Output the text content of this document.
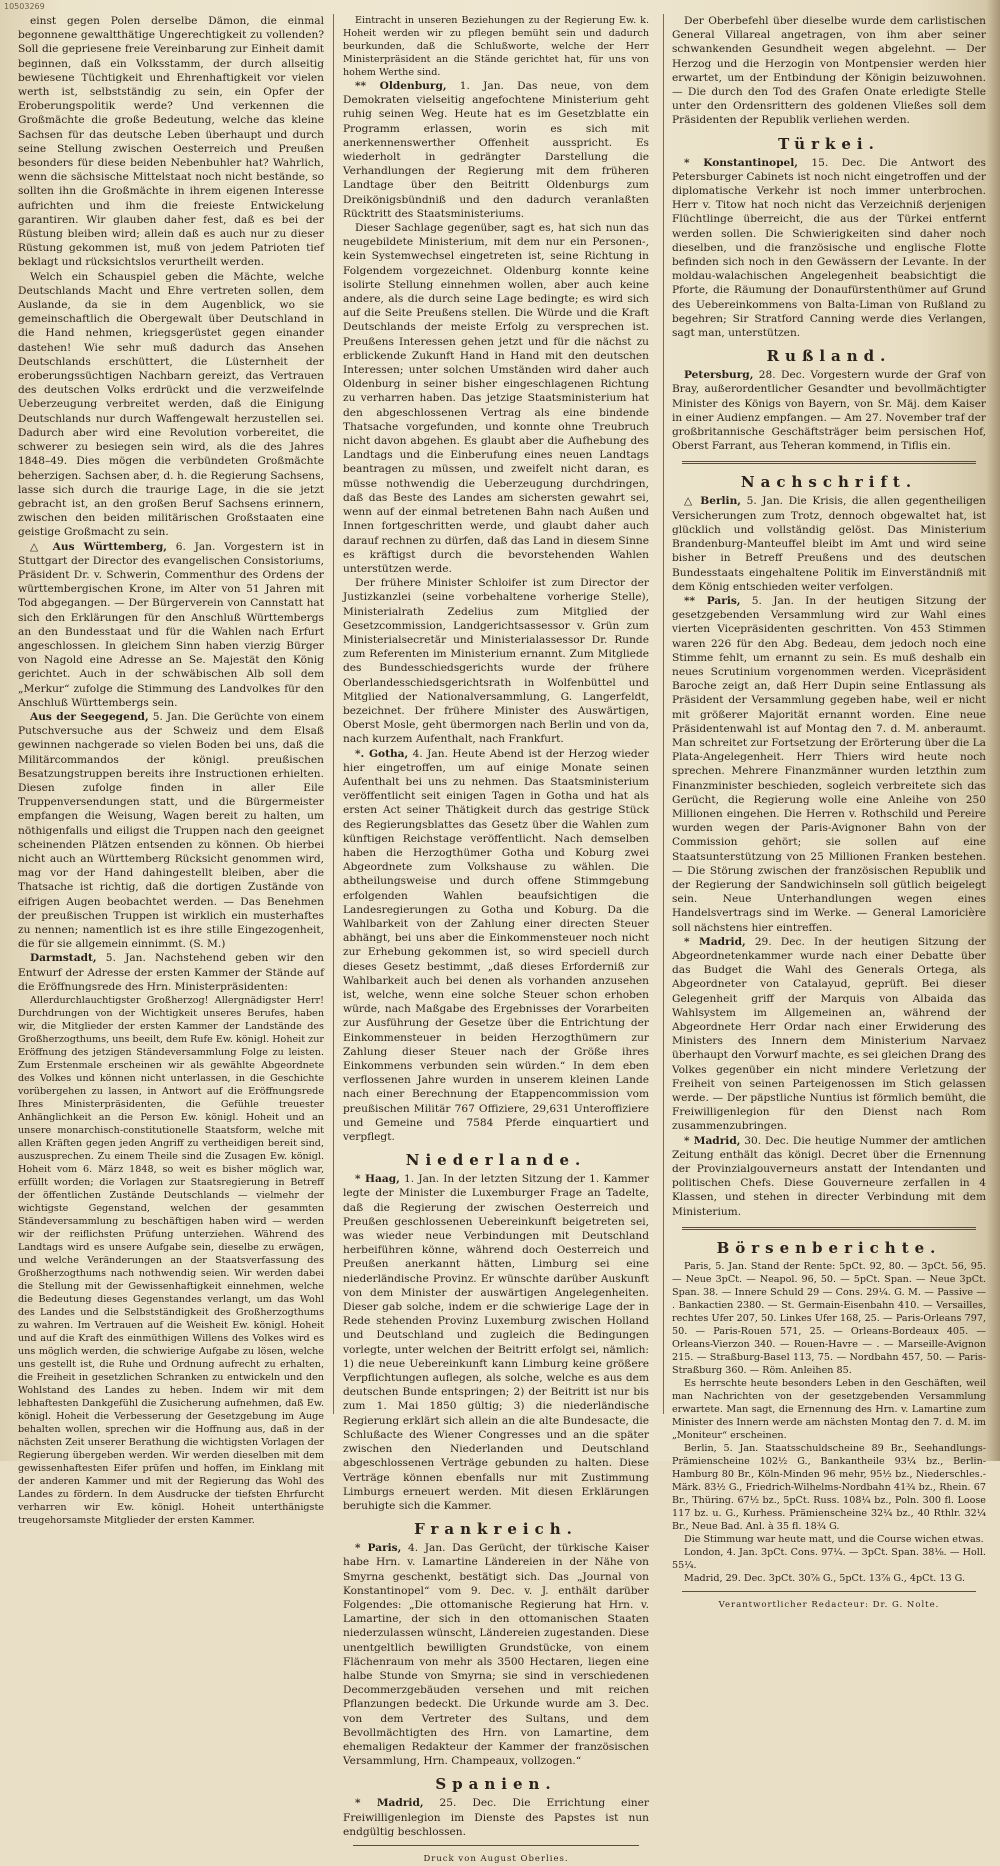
10503269

einst gegen Polen derselbe Dämon, die einmal begonnene gewaltthätige Ungerechtigkeit zu vollenden? Soll die gepriesene freie Vereinbarung zur Einheit damit beginnen, daß ein Volksstamm, der durch allseitig bewiesene Tüchtigkeit und Ehrenhaftigkeit vor vielen werth ist, selbstständig zu sein, ein Opfer der Eroberungspolitik werde? Und verkennen die Großmächte die große Bedeutung, welche das kleine Sachsen für das deutsche Leben überhaupt und durch seine Stellung zwischen Oesterreich und Preußen besonders für diese beiden Nebenbuhler hat? Wahrlich, wenn die sächsische Mittelstaat noch nicht bestände, so sollten ihn die Großmächte in ihrem eigenen Interesse aufrichten und ihm die freieste Entwickelung garantiren. Wir glauben daher fest, daß es bei der Rüstung bleiben wird; allein daß es auch nur zu dieser Rüstung gekommen ist, muß von jedem Patrioten tief beklagt und rücksichtslos verurtheilt werden.

Welch ein Schauspiel geben die Mächte, welche Deutschlands Macht und Ehre vertreten sollen, dem Auslande, da sie in dem Augenblick, wo sie gemeinschaftlich die Obergewalt über Deutschland in die Hand nehmen, kriegsgerüstet gegen einander dastehen! Wie sehr muß dadurch das Ansehen Deutschlands erschüttert, die Lüsternheit der eroberungssüchtigen Nachbarn gereizt, das Vertrauen des deutschen Volks erdrückt und die verzweifelnde Ueberzeugung verbreitet werden, daß die Einigung Deutschlands nur durch Waffengewalt herzustellen sei. Dadurch aber wird eine Revolution vorbereitet, die schwerer zu besiegen sein wird, als die des Jahres 1848–49. Dies mögen die verbündeten Großmächte beherzigen. Sachsen aber, d. h. die Regierung Sachsens, lasse sich durch die traurige Lage, in die sie jetzt gebracht ist, an den großen Beruf Sachsens erinnern, zwischen den beiden militärischen Großstaaten eine geistige Großmacht zu sein.

△ Aus Württemberg, 6. Jan. Vorgestern ist in Stuttgart der Director des evangelischen Consistoriums, Präsident Dr. v. Schwerin, Commenthur des Ordens der württembergischen Krone, im Alter von 51 Jahren mit Tod abgegangen. — Der Bürgerverein von Cannstatt hat sich den Erklärungen für den Anschluß Württembergs an den Bundesstaat und für die Wahlen nach Erfurt angeschlossen. In gleichem Sinn haben vierzig Bürger von Nagold eine Adresse an Se. Majestät den König gerichtet. Auch in der schwäbischen Alb soll dem „Merkur“ zufolge die Stimmung des Landvolkes für den Anschluß Württembergs sein.

Aus der Seegegend, 5. Jan. Die Gerüchte von einem Putschversuche aus der Schweiz und dem Elsaß gewinnen nachgerade so vielen Boden bei uns, daß die Militärcommandos der königl. preußischen Besatzungstruppen bereits ihre Instructionen erhielten. Diesen zufolge finden in aller Eile Truppenversendungen statt, und die Bürgermeister empfangen die Weisung, Wagen bereit zu halten, um nöthigenfalls und eiligst die Truppen nach den geeignet scheinenden Plätzen entsenden zu können. Ob hierbei nicht auch an Württemberg Rücksicht genommen wird, mag vor der Hand dahingestellt bleiben, aber die Thatsache ist richtig, daß die dortigen Zustände von eifrigen Augen beobachtet werden. — Das Benehmen der preußischen Truppen ist wirklich ein musterhaftes zu nennen; namentlich ist es ihre stille Eingezogenheit, die für sie allgemein einnimmt. (S. M.)

Darmstadt, 5. Jan. Nachstehend geben wir den Entwurf der Adresse der ersten Kammer der Stände auf die Eröffnungsrede des Hrn. Ministerpräsidenten:

Allerdurchlauchtigster Großherzog! Allergnädigster Herr! Durchdrungen von der Wichtigkeit unseres Berufes, haben wir, die Mitglieder der ersten Kammer der Landstände des Großherzogthums, uns beeilt, dem Rufe Ew. königl. Hoheit zur Eröffnung des jetzigen Ständeversammlung Folge zu leisten. Zum Erstenmale erscheinen wir als gewählte Abgeordnete des Volkes und können nicht unterlassen, in die Geschichte vorübergehen zu lassen, in Antwort auf die Eröffnungsrede Ihres Ministerpräsidenten, die Gefühle treuester Anhänglichkeit an die Person Ew. königl. Hoheit und an unsere monarchisch-constitutionelle Staatsform, welche mit allen Kräften gegen jeden Angriff zu vertheidigen bereit sind, auszusprechen. Zu einem Theile sind die Zusagen Ew. königl. Hoheit vom 6. März 1848, so weit es bisher möglich war, erfüllt worden; die Vorlagen zur Staatsregierung in Betreff der öffentlichen Zustände Deutschlands — vielmehr der wichtigste Gegenstand, welchen der gesammten Ständeversammlung zu beschäftigen haben wird — werden wir der reiflichsten Prüfung unterziehen. Während des Landtags wird es unsere Aufgabe sein, dieselbe zu erwägen, und welche Veränderungen an der Staatsverfassung des Großherzogthums nach nothwendig seien. Wir werden dabei die Stellung mit der Gewissenhaftigkeit einnehmen, welche die Bedeutung dieses Gegenstandes verlangt, um das Wohl des Landes und die Selbstständigkeit des Großherzogthums zu wahren. Im Vertrauen auf die Weisheit Ew. königl. Hoheit und auf die Kraft des einmüthigen Willens des Volkes wird es uns möglich werden, die schwierige Aufgabe zu lösen, welche uns gestellt ist, die Ruhe und Ordnung aufrecht zu erhalten, die Freiheit in gesetzlichen Schranken zu entwickeln und den Wohlstand des Landes zu heben. Indem wir mit dem lebhaftesten Dankgefühl die Zusicherung aufnehmen, daß Ew. königl. Hoheit die Verbesserung der Gesetzgebung im Auge behalten wollen, sprechen wir die Hoffnung aus, daß in der nächsten Zeit unserer Berathung die wichtigsten Vorlagen der Regierung übergeben werden. Wir werden dieselben mit dem gewissenhaftesten Eifer prüfen und hoffen, im Einklang mit der anderen Kammer und mit der Regierung das Wohl des Landes zu fördern. In dem Ausdrucke der tiefsten Ehrfurcht verharren wir Ew. königl. Hoheit unterthänigste treugehorsamste Mitglieder der ersten Kammer.

Eintracht in unseren Beziehungen zu der Regierung Ew. k. Hoheit werden wir zu pflegen bemüht sein und dadurch beurkunden, daß die Schlußworte, welche der Herr Ministerpräsident an die Stände gerichtet hat, für uns von hohem Werthe sind.

** Oldenburg, 1. Jan. Das neue, von dem Demokraten vielseitig angefochtene Ministerium geht ruhig seinen Weg. Heute hat es im Gesetzblatte ein Programm erlassen, worin es sich mit anerkennenswerther Offenheit ausspricht. Es wiederholt in gedrängter Darstellung die Verhandlungen der Regierung mit dem früheren Landtage über den Beitritt Oldenburgs zum Dreikönigsbündniß und den dadurch veranlaßten Rücktritt des Staatsministeriums.

Dieser Sachlage gegenüber, sagt es, hat sich nun das neugebildete Ministerium, mit dem nur ein Personen-, kein Systemwechsel eingetreten ist, seine Richtung in Folgendem vorgezeichnet. Oldenburg konnte keine isolirte Stellung einnehmen wollen, aber auch keine andere, als die durch seine Lage bedingte; es wird sich auf die Seite Preußens stellen. Die Würde und die Kraft Deutschlands der meiste Erfolg zu versprechen ist. Preußens Interessen gehen jetzt und für die nächst zu erblickende Zukunft Hand in Hand mit den deutschen Interessen; unter solchen Umständen wird daher auch Oldenburg in seiner bisher eingeschlagenen Richtung zu verharren haben. Das jetzige Staatsministerium hat den abgeschlossenen Vertrag als eine bindende Thatsache vorgefunden, und konnte ohne Treubruch nicht davon abgehen. Es glaubt aber die Aufhebung des Landtags und die Einberufung eines neuen Landtags beantragen zu müssen, und zweifelt nicht daran, es müsse nothwendig die Ueberzeugung durchdringen, daß das Beste des Landes am sichersten gewahrt sei, wenn auf der einmal betretenen Bahn nach Außen und Innen fortgeschritten werde, und glaubt daher auch darauf rechnen zu dürfen, daß das Land in diesem Sinne es kräftigst durch die bevorstehenden Wahlen unterstützen werde.

Der frühere Minister Schloifer ist zum Director der Justizkanzlei (seine vorbehaltene vorherige Stelle), Ministerialrath Zedelius zum Mitglied der Gesetzcommission, Landgerichtsassessor v. Grün zum Ministerialsecretär und Ministerialassessor Dr. Runde zum Referenten im Ministerium ernannt. Zum Mitgliede des Bundesschiedsgerichts wurde der frühere Oberlandesschiedsgerichtsrath in Wolfenbüttel und Mitglied der Nationalversammlung, G. Langerfeldt, bezeichnet. Der frühere Minister des Auswärtigen, Oberst Mosle, geht übermorgen nach Berlin und von da, nach kurzem Aufenthalt, nach Frankfurt.

*. Gotha, 4. Jan. Heute Abend ist der Herzog wieder hier eingetroffen, um auf einige Monate seinen Aufenthalt bei uns zu nehmen. Das Staatsministerium veröffentlicht seit einigen Tagen in Gotha und hat als ersten Act seiner Thätigkeit durch das gestrige Stück des Regierungsblattes das Gesetz über die Wahlen zum künftigen Reichstage veröffentlicht. Nach demselben haben die Herzogthümer Gotha und Koburg zwei Abgeordnete zum Volkshause zu wählen. Die abtheilungsweise und durch offene Stimmgebung erfolgenden Wahlen beaufsichtigen die Landesregierungen zu Gotha und Koburg. Da die Wahlbarkeit von der Zahlung einer directen Steuer abhängt, bei uns aber die Einkommensteuer noch nicht zur Erhebung gekommen ist, so wird speciell durch dieses Gesetz bestimmt, „daß dieses Erforderniß zur Wahlbarkeit auch bei denen als vorhanden anzusehen ist, welche, wenn eine solche Steuer schon erhoben würde, nach Maßgabe des Ergebnisses der Vorarbeiten zur Ausführung der Gesetze über die Entrichtung der Einkommensteuer in beiden Herzogthümern zur Zahlung dieser Steuer nach der Größe ihres Einkommens verbunden sein würden.“ In dem eben verflossenen Jahre wurden in unserem kleinen Lande nach einer Berechnung der Etappencommission vom preußischen Militär 767 Offiziere, 29,631 Unteroffiziere und Gemeine und 7584 Pferde einquartiert und verpflegt.

Niederlande.

* Haag, 1. Jan. In der letzten Sitzung der 1. Kammer legte der Minister die Luxemburger Frage an Tadelte, daß die Regierung der zwischen Oesterreich und Preußen geschlossenen Uebereinkunft beigetreten sei, was wieder neue Verbindungen mit Deutschland herbeiführen könne, während doch Oesterreich und Preußen anerkannt hätten, Limburg sei eine niederländische Provinz. Er wünschte darüber Auskunft von dem Minister der auswärtigen Angelegenheiten. Dieser gab solche, indem er die schwierige Lage der in Rede stehenden Provinz Luxemburg zwischen Holland und Deutschland und zugleich die Bedingungen vorlegte, unter welchen der Beitritt erfolgt sei, nämlich: 1) die neue Uebereinkunft kann Limburg keine größere Verpflichtungen auflegen, als solche, welche es aus dem deutschen Bunde entspringen; 2) der Beitritt ist nur bis zum 1. Mai 1850 gültig; 3) die niederländische Regierung erklärt sich allein an die alte Bundesacte, die Schlußacte des Wiener Congresses und an die später zwischen den Niederlanden und Deutschland abgeschlossenen Verträge gebunden zu halten. Diese Verträge können ebenfalls nur mit Zustimmung Limburgs erneuert werden. Mit diesen Erklärungen beruhigte sich die Kammer.

Frankreich.

* Paris, 4. Jan. Das Gerücht, der türkische Kaiser habe Hrn. v. Lamartine Ländereien in der Nähe von Smyrna geschenkt, bestätigt sich. Das „Journal von Konstantinopel“ vom 9. Dec. v. J. enthält darüber Folgendes: „Die ottomanische Regierung hat Hrn. v. Lamartine, der sich in den ottomanischen Staaten niederzulassen wünscht, Ländereien zugestanden. Diese unentgeltlich bewilligten Grundstücke, von einem Flächenraum von mehr als 3500 Hectaren, liegen eine halbe Stunde von Smyrna; sie sind in verschiedenen Decommerzgebäuden versehen und mit reichen Pflanzungen bedeckt. Die Urkunde wurde am 3. Dec. von dem Vertreter des Sultans, und dem Bevollmächtigten des Hrn. von Lamartine, dem ehemaligen Redakteur der Kammer der französischen Versammlung, Hrn. Champeaux, vollzogen.“

Spanien.

* Madrid, 25. Dec. Die Errichtung einer Freiwilligenlegion im Dienste des Papstes ist nun endgültig beschlossen.

Druck von August Oberlies.

Der Oberbefehl über dieselbe wurde dem carlistischen General Villareal angetragen, von ihm aber seiner schwankenden Gesundheit wegen abgelehnt. — Der Herzog und die Herzogin von Montpensier werden hier erwartet, um der Entbindung der Königin beizuwohnen. — Die durch den Tod des Grafen Onate erledigte Stelle unter den Ordensrittern des goldenen Vließes soll dem Präsidenten der Republik verliehen werden.

Türkei.

* Konstantinopel, 15. Dec. Die Antwort des Petersburger Cabinets ist noch nicht eingetroffen und der diplomatische Verkehr ist noch immer unterbrochen. Herr v. Titow hat noch nicht das Verzeichniß derjenigen Flüchtlinge überreicht, die aus der Türkei entfernt werden sollen. Die Schwierigkeiten sind daher noch dieselben, und die französische und englische Flotte befinden sich noch in den Gewässern der Levante. In der moldau-walachischen Angelegenheit beabsichtigt die Pforte, die Räumung der Donaufürstenthümer auf Grund des Uebereinkommens von Balta-Liman von Rußland zu begehren; Sir Stratford Canning werde dies Verlangen, sagt man, unterstützen.

Rußland.

Petersburg, 28. Dec. Vorgestern wurde der Graf von Bray, außerordentlicher Gesandter und bevollmächtigter Minister des Königs von Bayern, von Sr. Mäj. dem Kaiser in einer Audienz empfangen. — Am 27. November traf der großbritannische Geschäftsträger beim persischen Hof, Oberst Farrant, aus Teheran kommend, in Tiflis ein.

Nachschrift.

△ Berlin, 5. Jan. Die Krisis, die allen gegentheiligen Versicherungen zum Trotz, dennoch obgewaltet hat, ist glücklich und vollständig gelöst. Das Ministerium Brandenburg-Manteuffel bleibt im Amt und wird seine bisher in Betreff Preußens und des deutschen Bundesstaats eingehaltene Politik im Einverständniß mit dem König entschieden weiter verfolgen.

** Paris, 5. Jan. In der heutigen Sitzung der gesetzgebenden Versammlung wird zur Wahl eines vierten Vicepräsidenten geschritten. Von 453 Stimmen waren 226 für den Abg. Bedeau, dem jedoch noch eine Stimme fehlt, um ernannt zu sein. Es muß deshalb ein neues Scrutinium vorgenommen werden. Vicepräsident Baroche zeigt an, daß Herr Dupin seine Entlassung als Präsident der Versammlung gegeben habe, weil er nicht mit größerer Majorität ernannt worden. Eine neue Präsidentenwahl ist auf Montag den 7. d. M. anberaumt. Man schreitet zur Fortsetzung der Erörterung über die La Plata-Angelegenheit. Herr Thiers wird heute noch sprechen. Mehrere Finanzmänner wurden letzthin zum Finanzminister beschieden, sogleich verbreitete sich das Gerücht, die Regierung wolle eine Anleihe von 250 Millionen eingehen. Die Herren v. Rothschild und Pereire wurden wegen der Paris-Avignoner Bahn von der Commission gehört; sie sollen auf eine Staatsunterstützung von 25 Millionen Franken bestehen. — Die Störung zwischen der französischen Republik und der Regierung der Sandwichinseln soll gütlich beigelegt sein. Neue Unterhandlungen wegen eines Handelsvertrags sind im Werke. — General Lamoricière soll nächstens hier eintreffen.

* Madrid, 29. Dec. In der heutigen Sitzung der Abgeordnetenkammer wurde nach einer Debatte über das Budget die Wahl des Generals Ortega, als Abgeordneter von Catalayud, geprüft. Bei dieser Gelegenheit griff der Marquis von Albaida das Wahlsystem im Allgemeinen an, während der Abgeordnete Herr Ordar nach einer Erwiderung des Ministers des Innern dem Ministerium Narvaez überhaupt den Vorwurf machte, es sei gleichen Drang des Volkes gegenüber ein nicht mindere Verletzung der Freiheit von seinen Parteigenossen im Stich gelassen werde. — Der päpstliche Nuntius ist förmlich bemüht, die Freiwilligenlegion für den Dienst nach Rom zusammenzubringen.

* Madrid, 30. Dec. Die heutige Nummer der amtlichen Zeitung enthält das königl. Decret über die Ernennung der Provinzialgouverneurs anstatt der Intendanten und politischen Chefs. Diese Gouverneure zerfallen in 4 Klassen, und stehen in directer Verbindung mit dem Ministerium.

Börsenberichte.

Paris, 5. Jan. Stand der Rente: 5pCt. 92, 80. — 3pCt. 56, 95. — Neue 3pCt. — Neapol. 96, 50. — 5pCt. Span. — Neue 3pCt. Span. 38. — Innere Schuld 29 — Cons. 29¼. G. M. — Passive — . Bankactien 2380. — St. Germain-Eisenbahn 410. — Versailles, rechtes Ufer 207, 50. Linkes Ufer 168, 25. — Paris-Orleans 797, 50. — Paris-Rouen 571, 25. — Orleans-Bordeaux 405. — Orleans-Vierzon 340. — Rouen-Havre — . — Marseille-Avignon 215. — Straßburg-Basel 113, 75. — Nordbahn 457, 50. — Paris-Straßburg 360. — Röm. Anleihen 85.

Es herrschte heute besonders Leben in den Geschäften, weil man Nachrichten von der gesetzgebenden Versammlung erwartete. Man sagt, die Ernennung des Hrn. v. Lamartine zum Minister des Innern werde am nächsten Montag den 7. d. M. im „Moniteur“ erscheinen.

Berlin, 5. Jan. Staatsschuldscheine 89 Br., Seehandlungs-Prämienscheine 102½ G., Bankantheile 93¼ bz., Berlin-Hamburg 80 Br., Köln-Minden 96 mehr, 95½ bz., Niederschles.-Märk. 83½ G., Friedrich-Wilhelms-Nordbahn 41¾ bz., Rhein. 67 Br., Thüring. 67½ bz., 5pCt. Russ. 108¼ bz., Poln. 300 fl. Loose 117 bz. u. G., Kurhess. Prämienscheine 32¼ bz., 40 Rthlr. 32¼ Br., Neue Bad. Anl. à 35 fl. 18¾ G.

Die Stimmung war heute matt, und die Course wichen etwas.

London, 4. Jan. 3pCt. Cons. 97¼. — 3pCt. Span. 38⅛. — Holl. 55¼.

Madrid, 29. Dec. 3pCt. 30⅞ G., 5pCt. 13⅞ G., 4pCt. 13 G.

Verantwortlicher Redacteur: Dr. G. Nolte.
